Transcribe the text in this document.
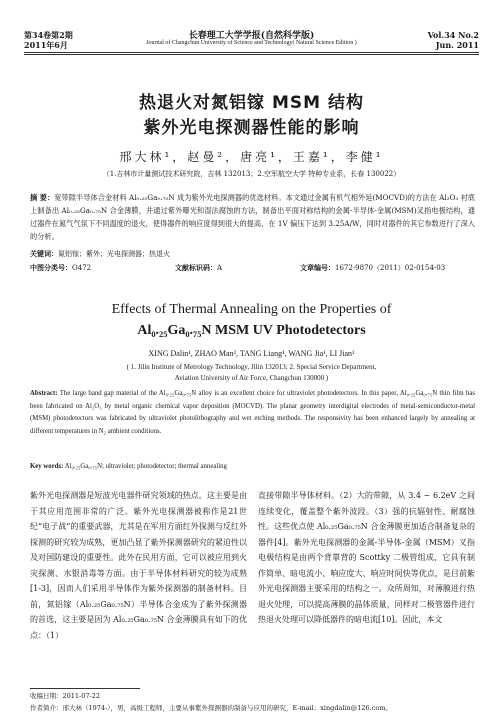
第34卷第2期
2011年6月
长春理工大学学报(自然科学版)
Journal of Changchun University of Science and Technology( Natural Science Edition )
Vol.34 No.2
Jun. 2011
热退火对氮铝镓 MSM 结构
紫外光电探测器性能的影响
邢大林¹，赵曼²，唐亮¹，王嘉¹，李健¹
（1.吉林市计量测试技术研究院，吉林 132013；2.空军航空大学 特种专业系，长春 130022）
摘 要：宽带隙半导体合金材料 Al₀.₂₅Ga₀.₇₅N 成为紫外光电探测器的优选材料。本文通过金属有机气相外延(MOCVD)的方法在 Al₂O₃ 衬底上制备出 Al₀.₂₅Ga₀.₇₅N 合金薄膜，并通过紫外曝光和湿法腐蚀的方法，制备出平面对称结构的金属-半导体-金属(MSM)叉指电极结构，通过器件在氮气气氛下不同温度的退火，使得器件的响应度得到很大的提高，在 1V 偏压下达到 3.25A/W，同时对器件的其它参数进行了深入的分析。
关键词：氮铝镓；紫外；光电探测器；热退火
中图分类号：O472	文献标识码：A	文章编号：1672-9870（2011）02-0154-03
Effects of Thermal Annealing on the Properties of
Al₀.₂₅Ga₀.₇₅N MSM UV Photodetectors
XING Dalin¹, ZHAO Man², TANG Liang¹, WANG Jia¹, LI Jian¹
( 1. Jilin Institute of Metrology Technology, Jilin 132013; 2. Special Service Department,
Aviation University of Air Force, Changchun 130000 )
Abstract: The large band gap material of the Al₀.₂₅Ga₀.₇₅N alloy is an excellent choice for ultraviolet photodetectors. In this paper, Al₀.₂₅Ga₀.₇₅N thin film has been fabricated on Al₂O₃ by metal organic chemical vapor deposition (MOCVD). The planar geometry interdigital electrodes of metal-semiconductor-metal (MSM) photodetectors was fabricated by ultraviolet photolithography and wet etching methods. The responsivity has been enhanced largely by annealing at different temperatures in N₂ ambient conditions.
Key words: Al₀.₂₅Ga₀.₇₅N; ultraviolet; photodetector; thermal annealing
紫外光电探测器是短波光电器件研究领域的热点。这主要是由于其应用范围非常的广泛。紫外光电探测器被称作是21世纪“电子战”的重要武器，尤其是在军用方面红外探测与反红外探测的研究较为成熟，更加凸显了紫外探测器研究的紧迫性以及对国防建设的重要性。此外在民用方面，它可以被应用到火灾探测、水银消毒等方面。由于半导体材料研究的较为成熟[1-3]，因而人们采用半导体作为紫外探测器的制备材料。目前，氮铝镓（Al₀.₂₅Ga₀.₇₅N）半导体合金成为了紫外探测器的首选，这主要是因为 Al₀.₂₅Ga₀.₇₅N 合金薄膜具有如下的优点：（1）
直接带隙半导体材料。（2）大的带隙，从 3.4 ~ 6.2eV 之间连续变化，覆盖整个紫外波段。（3）强的抗辐射性、耐腐蚀性。这些优点使 Al₀.₂₅Ga₀.₇₅N 合金薄膜更加适合制备复杂的器件[4]。紫外光电探测器的金属-半导体-金属（MSM）叉指电极结构是由两个背靠背的 Scottky 二极管组成，它具有制作简单、暗电流小、响应度大、响应时间快等优点，是目前紫外光电探测器主要采用的结构之一。众所周知，对薄膜进行热退火处理，可以提高薄膜的晶体质量，同样对二极管器件进行热退火处理可以降低器件的暗电流[10]。因此，本文
收稿日期：2011-07-22
作者简介：邢大林（1974-），男，高级工程师，主要从事紫外探测器的制备与应用的研究，E-mail：xingdalin@126.com。
